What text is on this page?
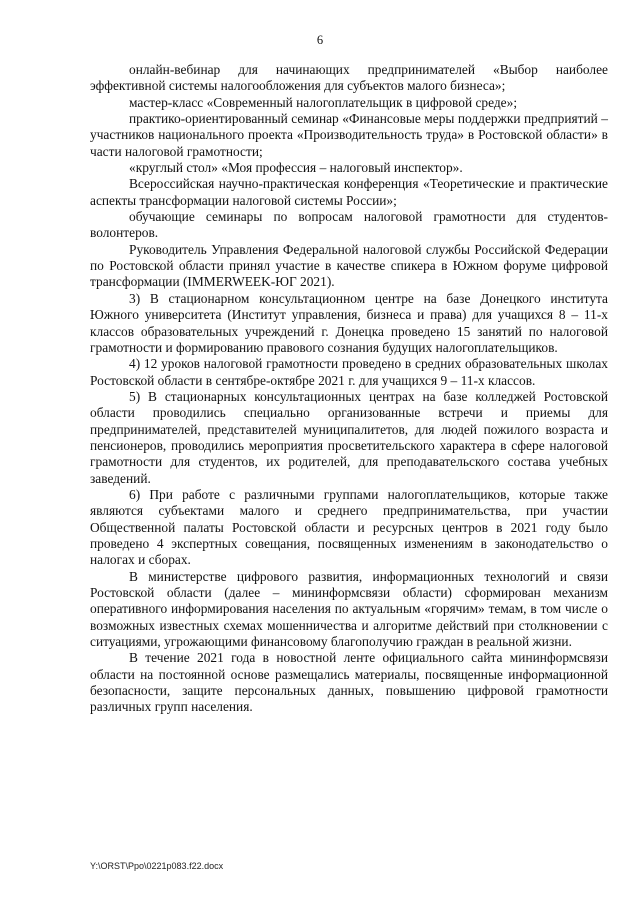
6

онлайн-вебинар для начинающих предпринимателей «Выбор наиболее эффективной системы налогообложения для субъектов малого бизнеса»;

мастер-класс «Современный налогоплательщик в цифровой среде»;

практико-ориентированный семинар «Финансовые меры поддержки предприятий – участников национального проекта «Производительность труда» в Ростовской области» в части налоговой грамотности;

«круглый стол» «Моя профессия – налоговый инспектор».

Всероссийская научно-практическая конференция «Теоретические и практические аспекты трансформации налоговой системы России»;

обучающие семинары по вопросам налоговой грамотности для студентов-волонтеров.

Руководитель Управления Федеральной налоговой службы Российской Федерации по Ростовской области принял участие в качестве спикера в Южном форуме цифровой трансформации (IMMERWEEK-ЮГ 2021).

3) В стационарном консультационном центре на базе Донецкого института Южного университета (Институт управления, бизнеса и права) для учащихся 8 – 11-х классов образовательных учреждений г. Донецка проведено 15 занятий по налоговой грамотности и формированию правового сознания будущих налогоплательщиков.

4) 12 уроков налоговой грамотности проведено в средних образовательных школах Ростовской области в сентябре-октябре 2021 г. для учащихся 9 – 11-х классов.

5) В стационарных консультационных центрах на базе колледжей Ростовской области проводились специально организованные встречи и приемы для предпринимателей, представителей муниципалитетов, для людей пожилого возраста и пенсионеров, проводились мероприятия просветительского характера в сфере налоговой грамотности для студентов, их родителей, для преподавательского состава учебных заведений.

6) При работе с различными группами налогоплательщиков, которые также являются субъектами малого и среднего предпринимательства, при участии Общественной палаты Ростовской области и ресурсных центров в 2021 году было проведено 4 экспертных совещания, посвященных изменениям в законодательство о налогах и сборах.

В министерстве цифрового развития, информационных технологий и связи Ростовской области (далее – мининформсвязи области) сформирован механизм оперативного информирования населения по актуальным «горячим» темам, в том числе о возможных известных схемах мошенничества и алгоритме действий при столкновении с ситуациями, угрожающими финансовому благополучию граждан в реальной жизни.

В течение 2021 года в новостной ленте официального сайта мининформсвязи области на постоянной основе размещались материалы, посвященные информационной безопасности, защите персональных данных, повышению цифровой грамотности различных групп населения.

Y:\ORST\Ppo\0221p083.f22.docx
